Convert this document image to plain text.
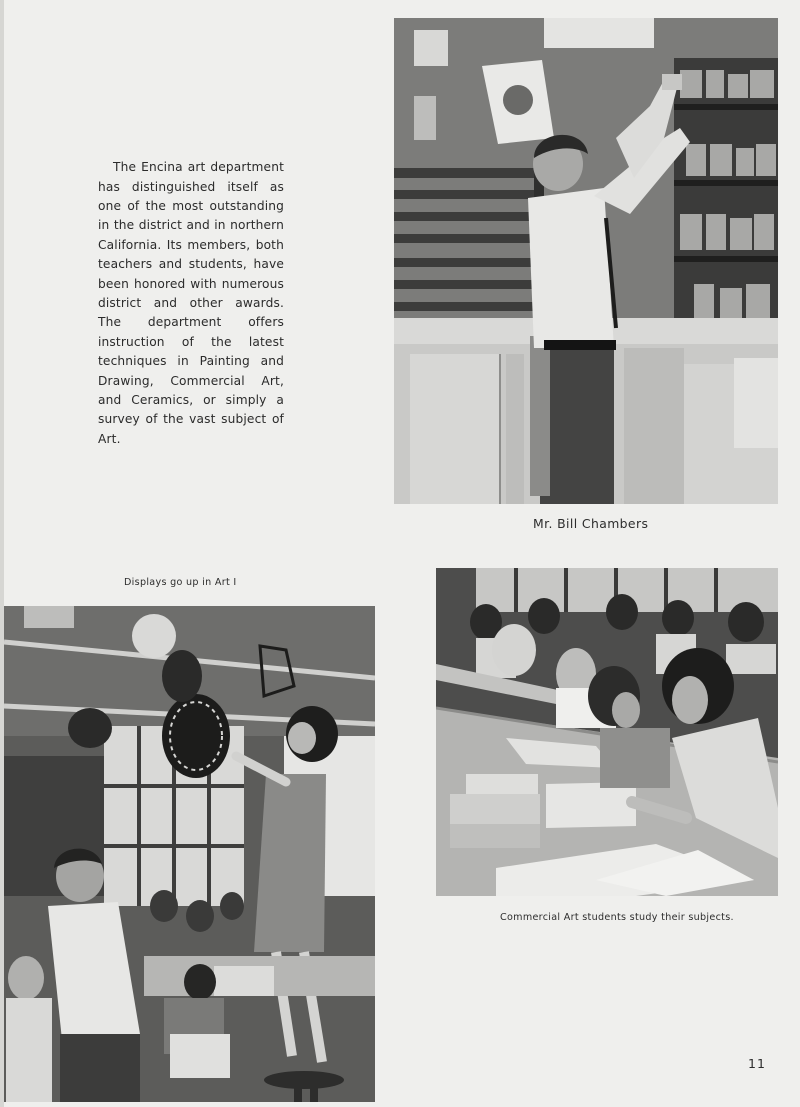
The Encina art department has distinguished itself as one of the most outstanding in the district and in northern California. Its members, both teachers and students, have been honored with numerous district and other awards. The department offers instruction of the latest techniques in Painting and Drawing, Commercial Art, and Ceramics, or simply a survey of the vast subject of Art.

Mr. Bill Chambers
Displays go up in Art I
Commercial Art students study their subjects.
11
